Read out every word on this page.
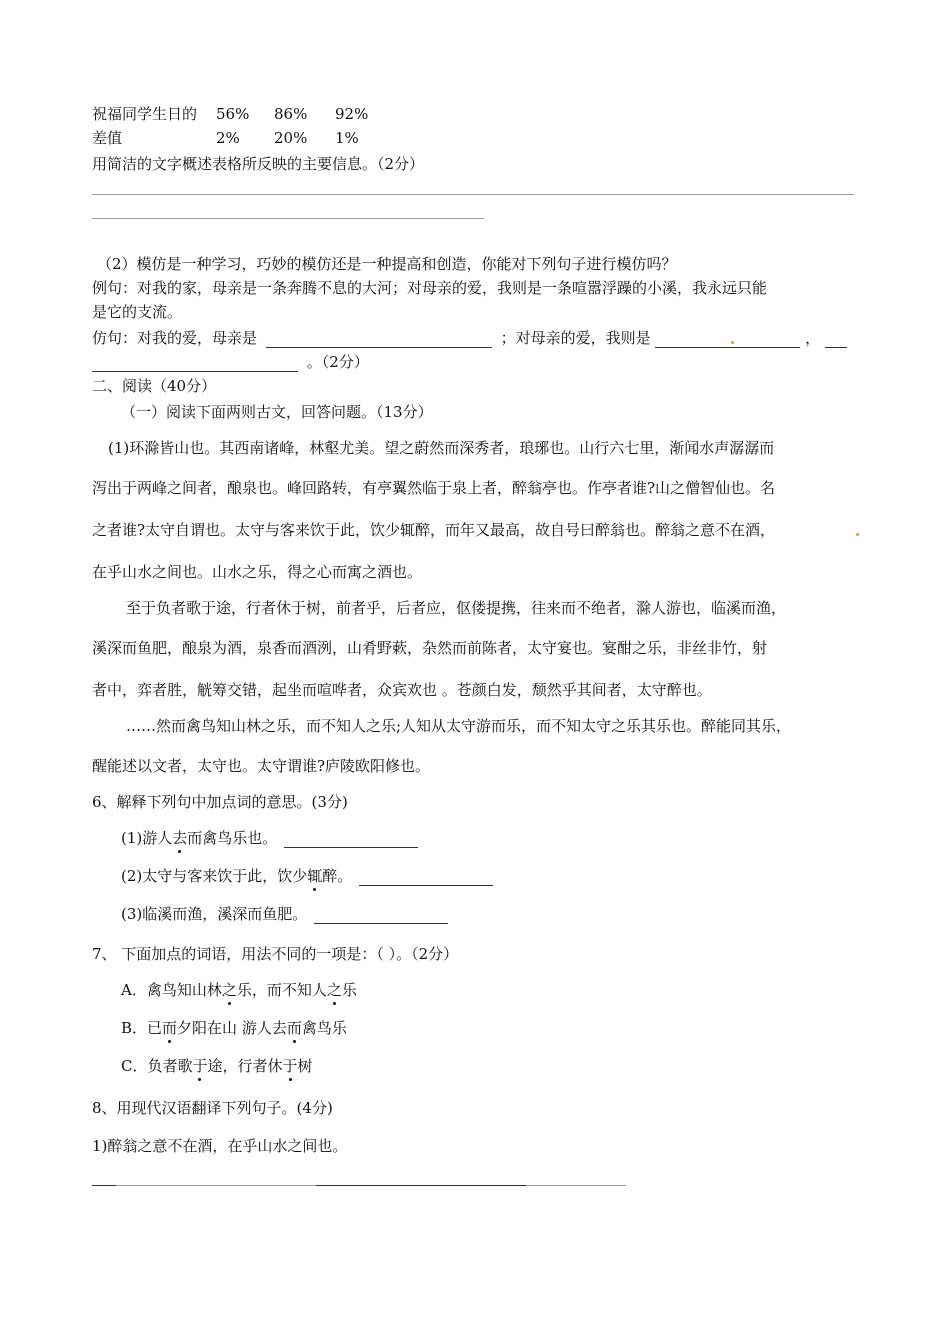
祝福同学生日的 56% 86% 92%
差值	2% 20% 1%
用简洁的文字概述表格所反映的主要信息。（2分）
（2）模仿是一种学习，巧妙的模仿还是一种提高和创造，你能对下列句子进行模仿吗？
例句：对我的家，母亲是一条奔腾不息的大河；对母亲的爱，我则是一条喧嚣浮躁的小溪，我永远只能
是它的支流。
仿句：对我的爱，母亲是	；对母亲的爱，我则是	，
。（2分）
二、阅读（40分）
（一）阅读下面两则古文，回答问题。（13分）
(1)环滁皆山也。其西南诸峰，林壑尤美。望之蔚然而深秀者，琅琊也。山行六七里，渐闻水声潺潺而
泻出于两峰之间者，酿泉也。峰回路转，有亭翼然临于泉上者，醉翁亭也。作亭者谁?山之僧智仙也。名
之者谁?太守自谓也。太守与客来饮于此，饮少辄醉，而年又最高，故自号曰醉翁也。醉翁之意不在酒，
在乎山水之间也。山水之乐，得之心而寓之酒也。
至于负者歌于途，行者休于树，前者乎，后者应，伛偻提携，往来而不绝者，滁人游也，临溪而渔，
溪深而鱼肥，酿泉为酒，泉香而酒洌，山肴野蔌，杂然而前陈者，太守宴也。宴酣之乐，非丝非竹，射
者中，弈者胜，觥筹交错，起坐而喧哗者，众宾欢也 。苍颜白发，颓然乎其间者，太守醉也。
……然而禽鸟知山林之乐，而不知人之乐;人知从太守游而乐，而不知太守之乐其乐也。醉能同其乐，
醒能述以文者，太守也。太守谓谁?庐陵欧阳修也。
6、解释下列句中加点词的意思。(3分)
(1)游人去而禽鸟乐也。
(2)太守与客来饮于此，饮少辄醉。
(3)临溪而渔，溪深而鱼肥。
7、 下面加点的词语，用法不同的一项是：（ ）。（2分）
A．禽鸟知山林之乐，而不知人之乐
B．已而夕阳在山 游人去而禽鸟乐
C．负者歌于途，行者休于树
8、用现代汉语翻译下列句子。(4分)
1)醉翁之意不在酒，在乎山水之间也。
